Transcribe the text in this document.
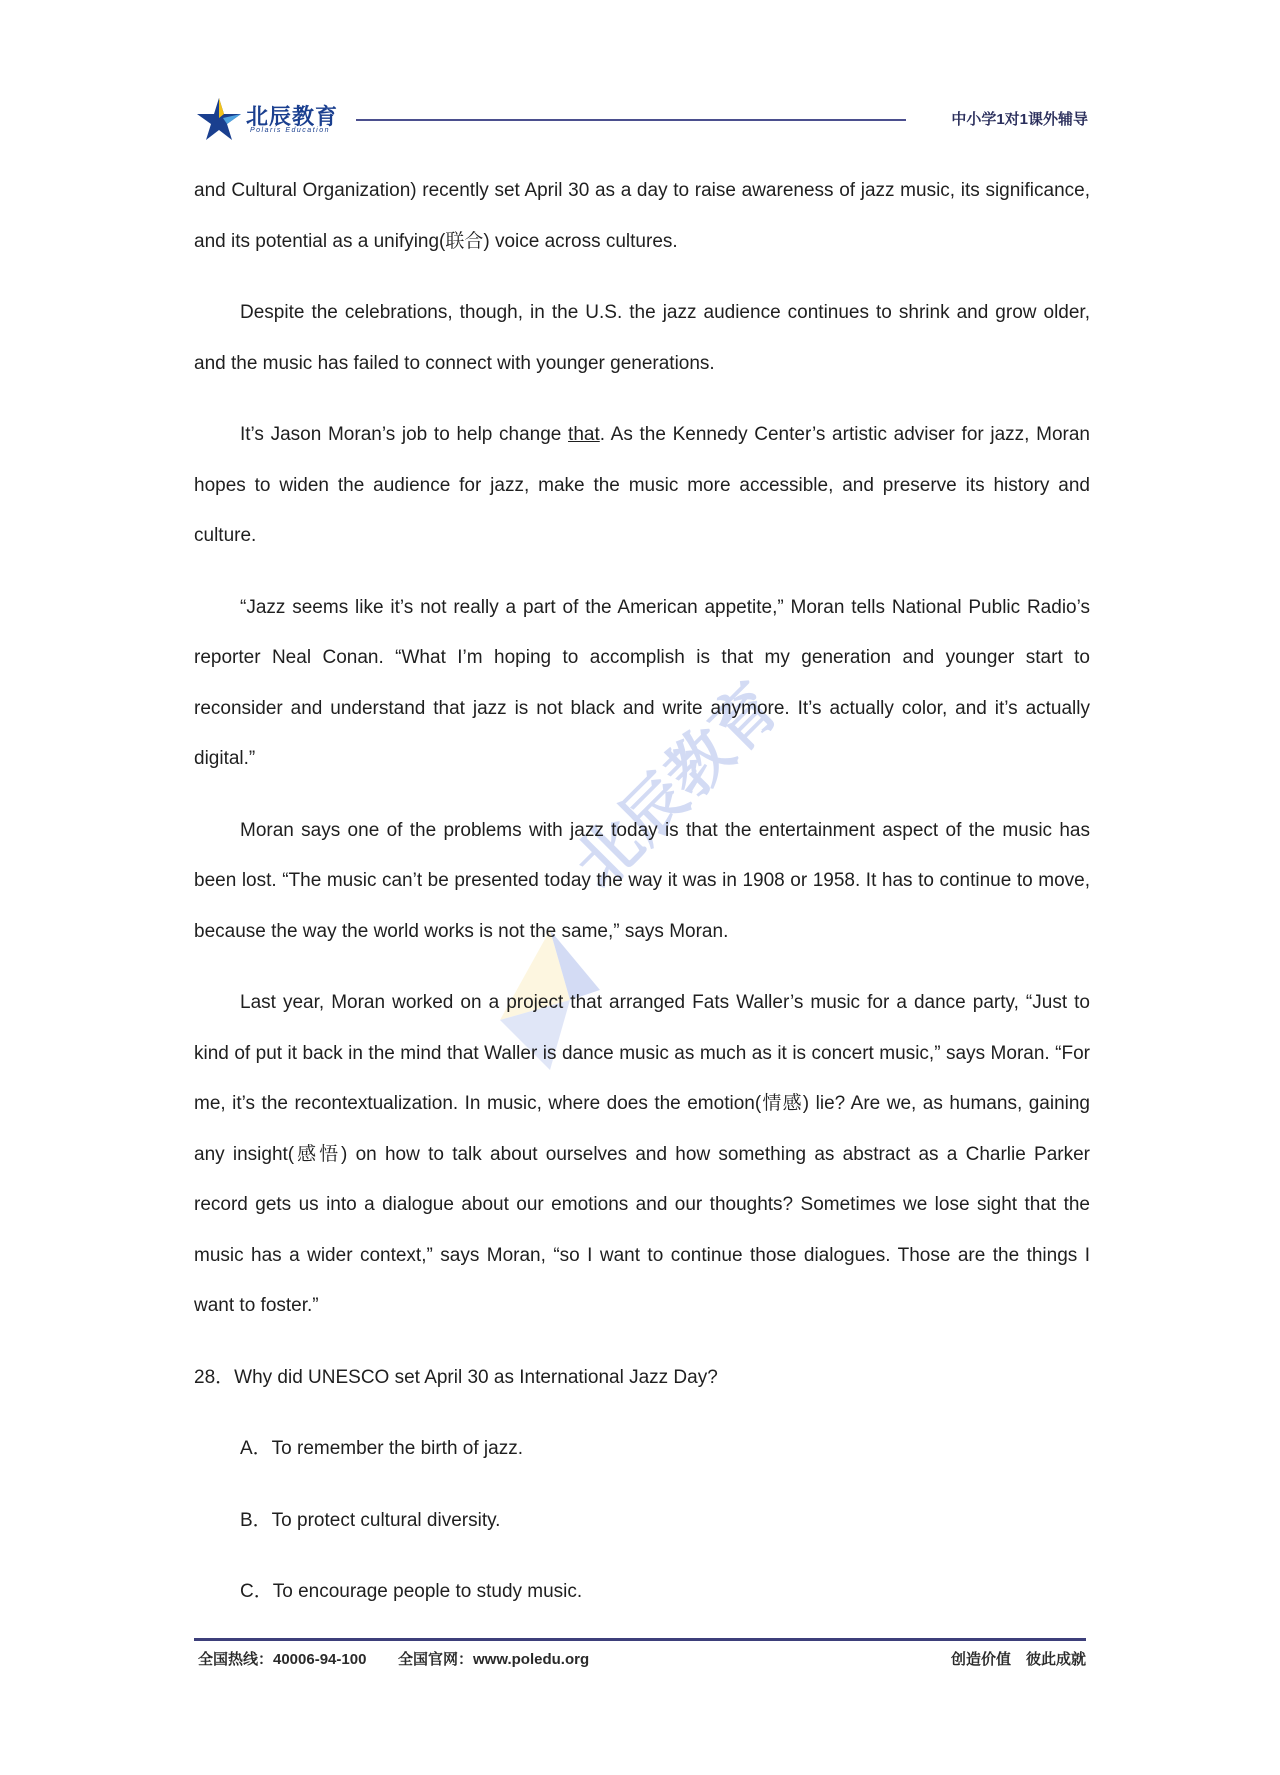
北辰教育
Polaris Education
中小学1对1课外辅导
北辰教育

and Cultural Organization) recently set April 30 as a day to raise awareness of jazz music, its significance, and its potential as a unifying(联合) voice across cultures.

Despite the celebrations, though, in the U.S. the jazz audience continues to shrink and grow older, and the music has failed to connect with younger generations.

It’s Jason Moran’s job to help change that. As the Kennedy Center’s artistic adviser for jazz, Moran hopes to widen the audience for jazz, make the music more accessible, and preserve its history and culture.

“Jazz seems like it’s not really a part of the American appetite,” Moran tells National Public Radio’s reporter Neal Conan. “What I’m hoping to accomplish is that my generation and younger start to reconsider and understand that jazz is not black and write anymore. It’s actually color, and it’s actually digital.”

Moran says one of the problems with jazz today is that the entertainment aspect of the music has been lost. “The music can’t be presented today the way it was in 1908 or 1958. It has to continue to move, because the way the world works is not the same,” says Moran.

Last year, Moran worked on a project that arranged Fats Waller’s music for a dance party, “Just to kind of put it back in the mind that Waller is dance music as much as it is concert music,” says Moran. “For me, it’s the recontextualization. In music, where does the emotion(情感) lie? Are we, as humans, gaining any insight(感悟) on how to talk about ourselves and how something as abstract as a Charlie Parker record gets us into a dialogue about our emotions and our thoughts? Sometimes we lose sight that the music has a wider context,” says Moran, “so I want to continue those dialogues. Those are the things I want to foster.”

28．Why did UNESCO set April 30 as International Jazz Day?

A．To remember the birth of jazz.

B．To protect cultural diversity.

C．To encourage people to study music.

全国热线：40006-94-100 全国官网：www.poledu.org	创造价值　彼此成就
